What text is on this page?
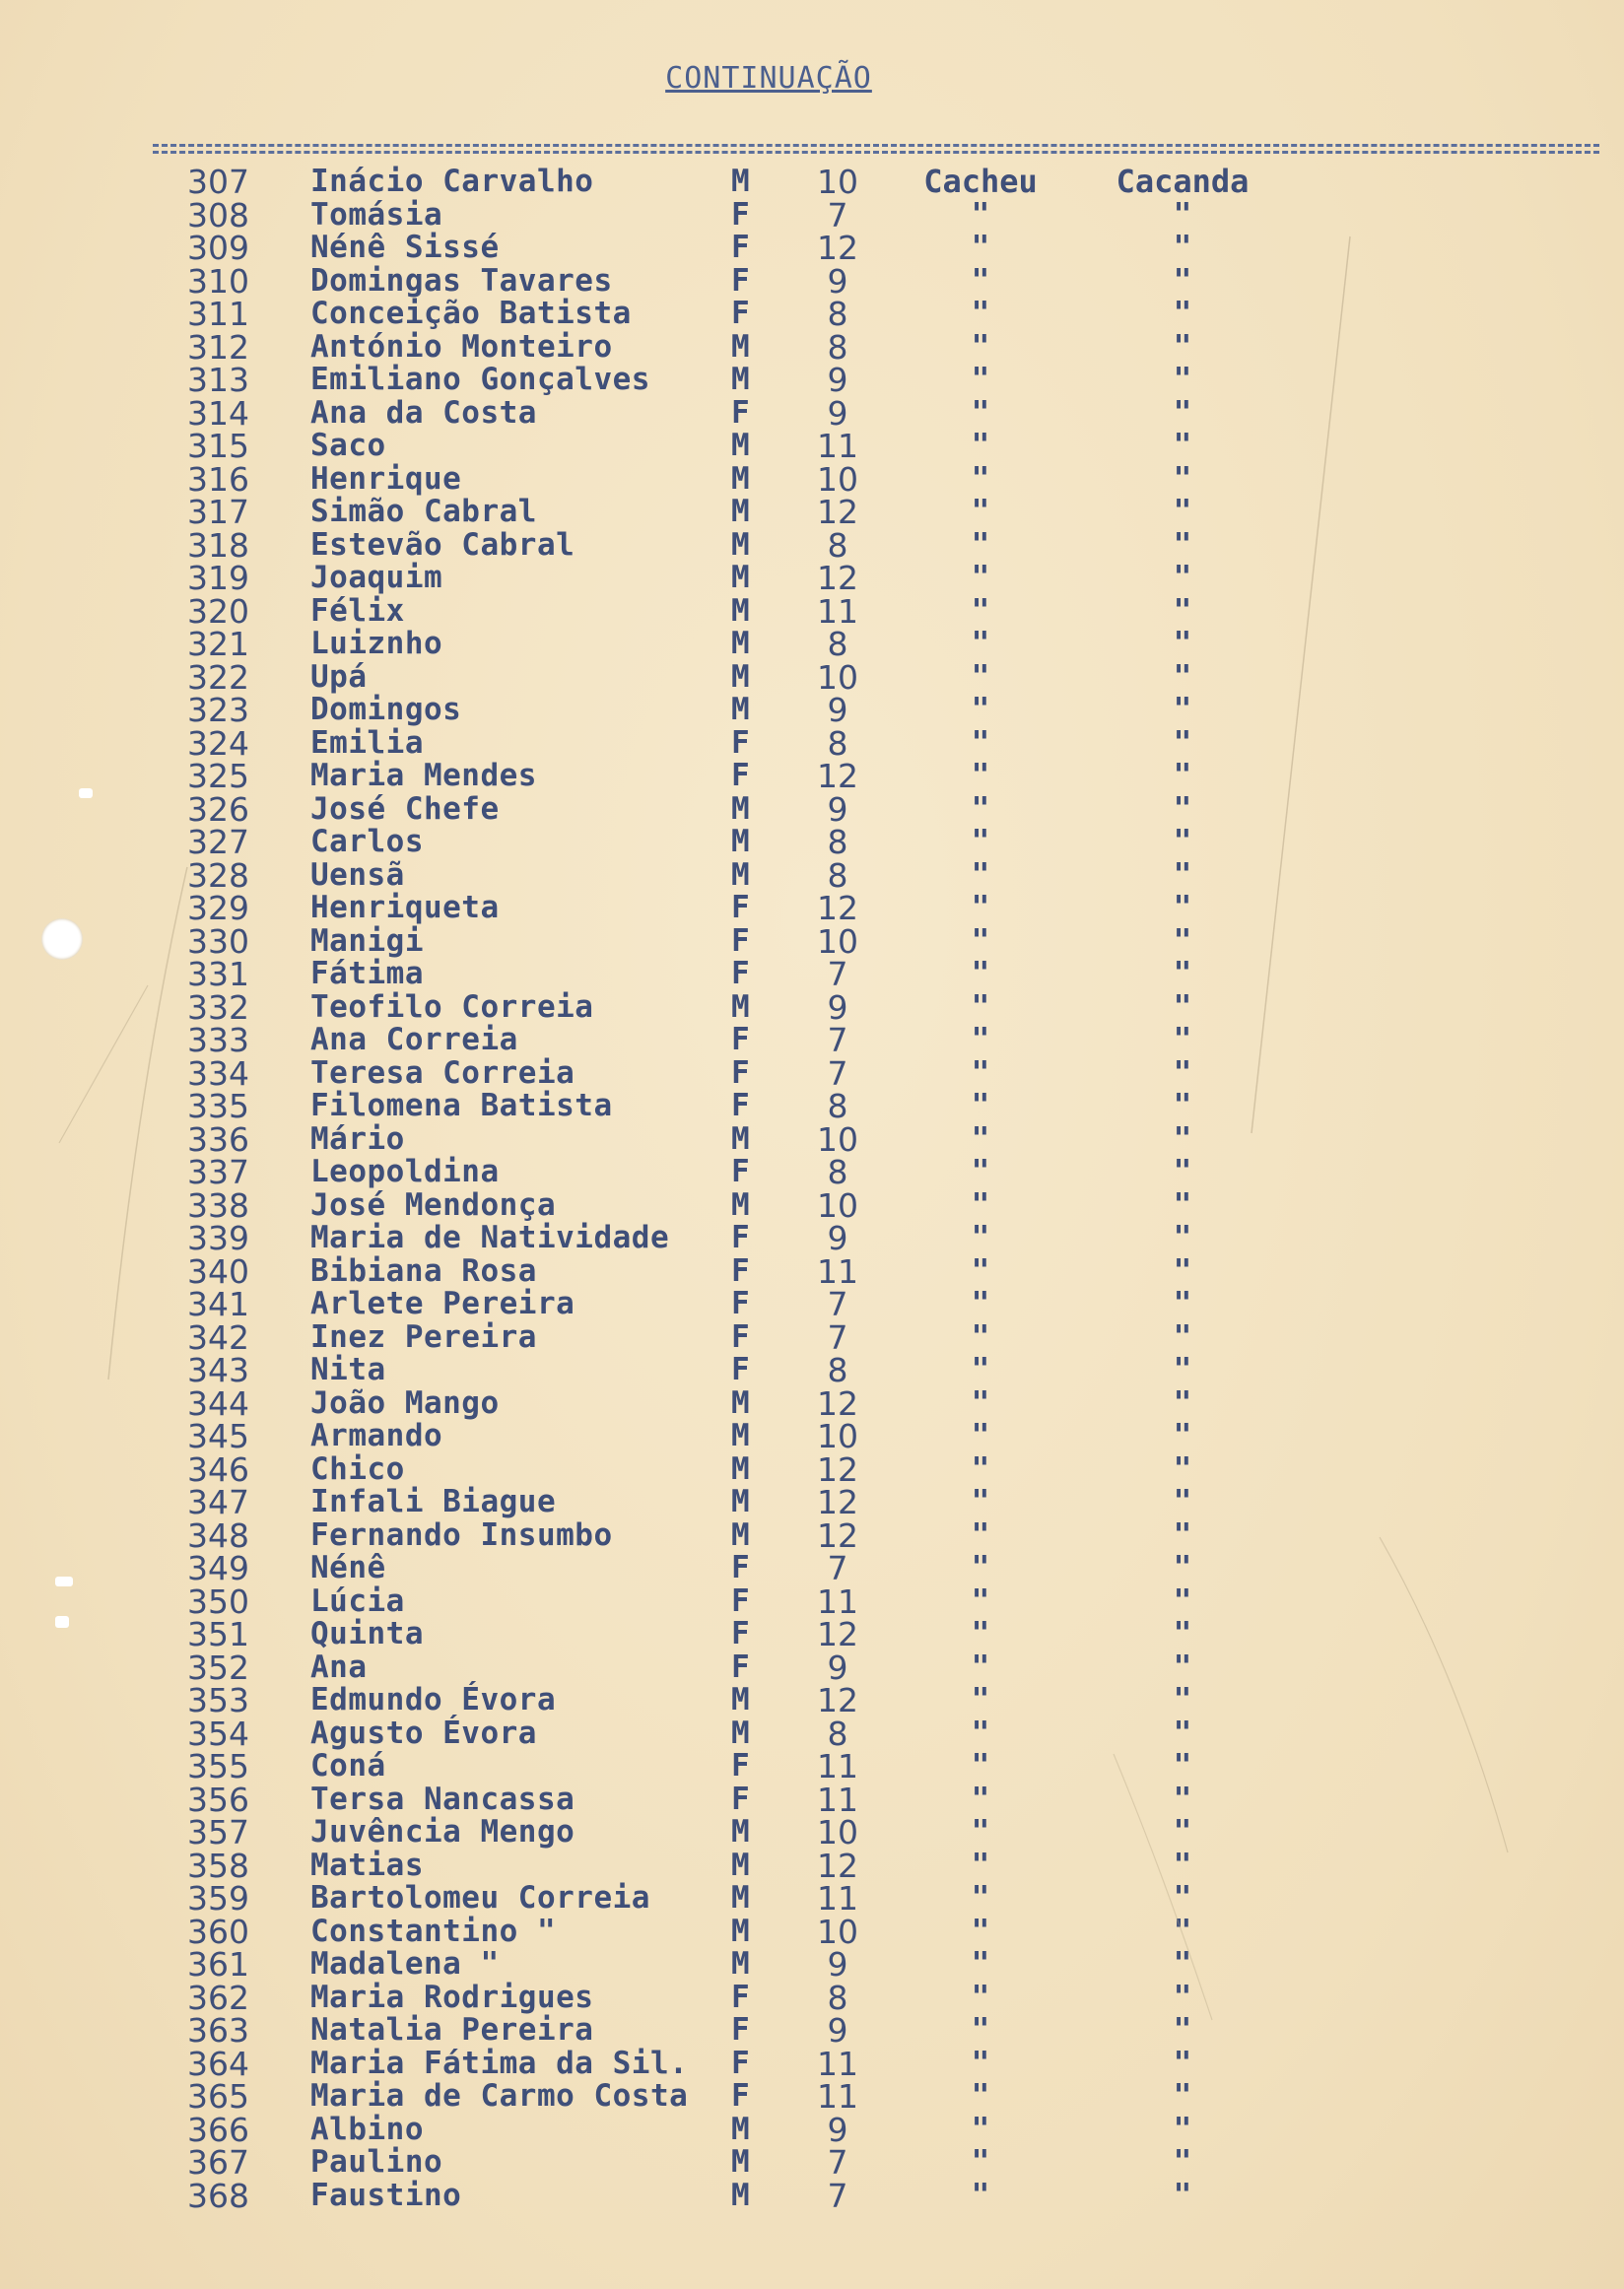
CONTINUAÇÃO
307 Inácio Carvalho	M 10 Cacheu Cacanda
308 Tomásia	F	7	"	"
309 Nénê Sissé	F 12	"	"
310 Domingas Tavares	F	9	"	"
311 Conceição Batista	F	8	"	"
312 António Monteiro	M	8	"	"
313 Emiliano Gonçalves	M	9	"	"
314 Ana da Costa	F	9	"	"
315 Saco	M 11	"	"
316 Henrique	M 10	"	"
317 Simão Cabral	M 12	"	"
318 Estevão Cabral	M	8	"	"
319 Joaquim	M 12	"	"
320 Félix	M 11	"	"
321 Luiznho	M	8	"	"
322 Upá	M 10	"	"
323 Domingos	M	9	"	"
324 Emilia	F	8	"	"
325 Maria Mendes	F 12	"	"
326 José Chefe	M	9	"	"
327 Carlos	M	8	"	"
328 Uensã	M	8	"	"
329 Henriqueta	F 12	"	"
330 Manigi	F 10	"	"
331 Fátima	F	7	"	"
332 Teofilo Correia	M	9	"	"
333 Ana Correia	F	7	"	"
334 Teresa Correia	F	7	"	"
335 Filomena Batista	F	8	"	"
336 Mário	M 10	"	"
337 Leopoldina	F	8	"	"
338 José Mendonça	M 10	"	"
339 Maria de Natividade F	9	"	"
340 Bibiana Rosa	F 11	"	"
341 Arlete Pereira	F	7	"	"
342 Inez Pereira	F	7	"	"
343 Nita	F	8	"	"
344 João Mango	M 12	"	"
345 Armando	M 10	"	"
346 Chico	M 12	"	"
347 Infali Biague	M 12	"	"
348 Fernando Insumbo	M 12	"	"
349 Nénê	F	7	"	"
350 Lúcia	F 11	"	"
351 Quinta	F 12	"	"
352 Ana	F	9	"	"
353 Edmundo Évora	M 12	"	"
354 Agusto Évora	M	8	"	"
355 Coná	F 11	"	"
356 Tersa Nancassa	F 11	"	"
357 Juvência Mengo	M 10	"	"
358 Matias	M 12	"	"
359 Bartolomeu Correia	M 11	"	"
360 Constantino "	M 10	"	"
361 Madalena "	M	9	"	"
362 Maria Rodrigues	F	8	"	"
363 Natalia Pereira	F	9	"	"
364 Maria Fátima da Sil. F 11	"	"
365 Maria de Carmo Costa F 11	"	"
366 Albino	M	9	"	"
367 Paulino	M	7	"	"
368 Faustino	M	7	"	"
